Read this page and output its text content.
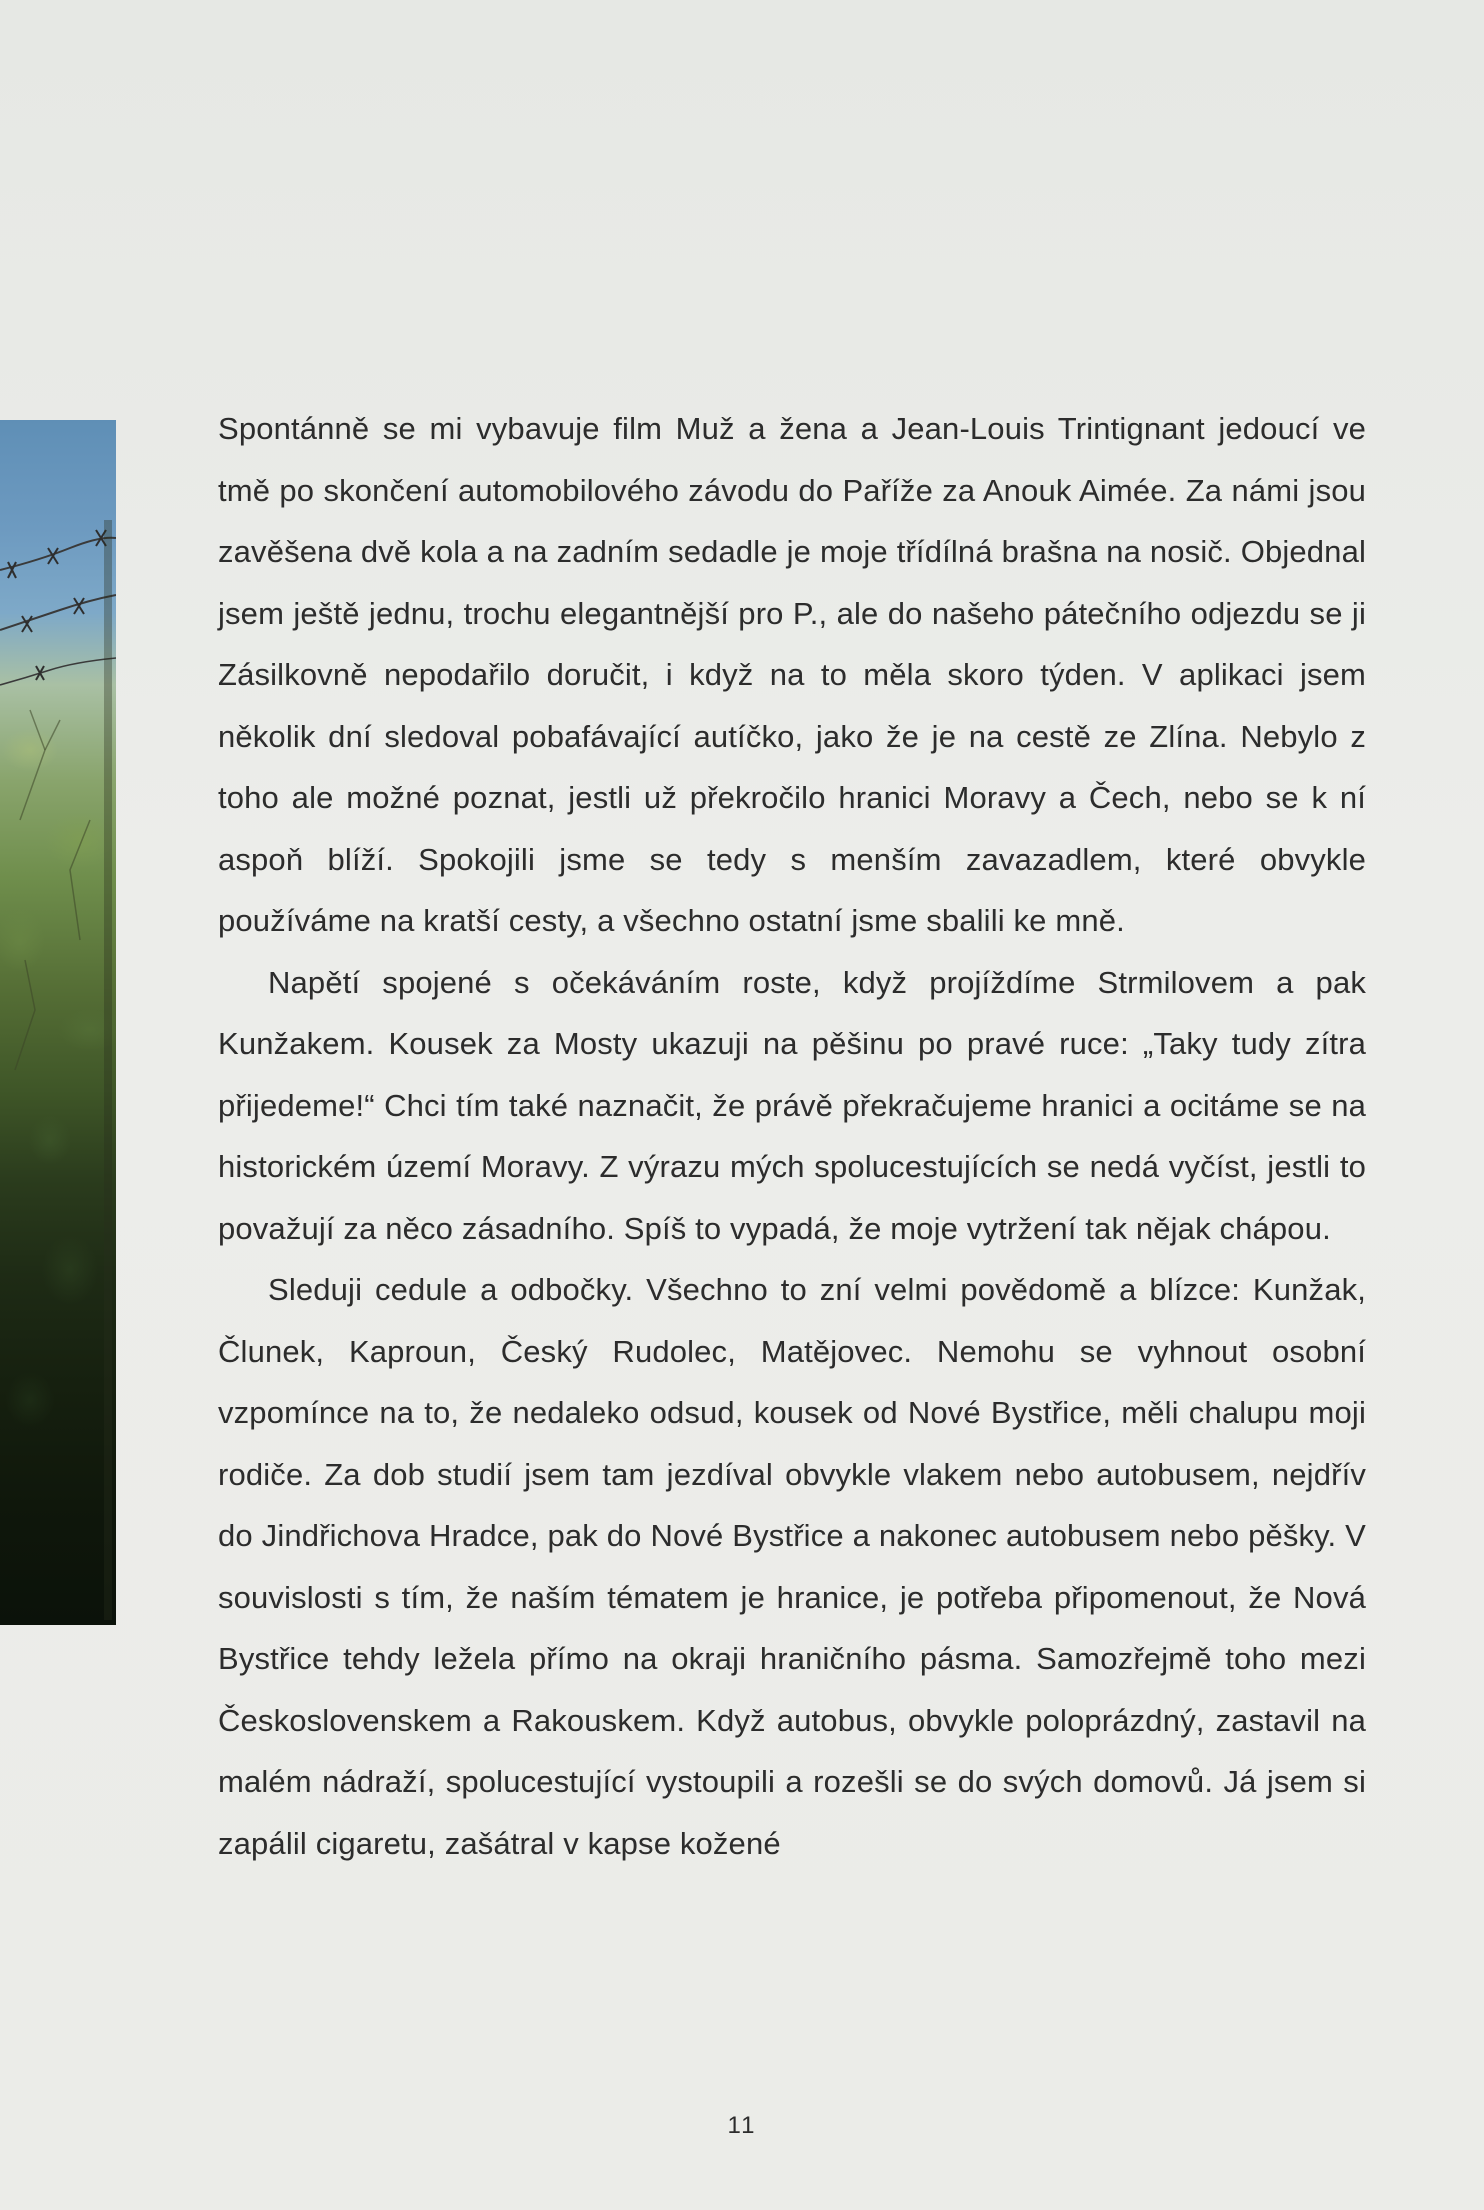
Spontánně se mi vybavuje film Muž a žena a Jean-Louis Trintignant jedoucí ve tmě po skončení automobilového závodu do Paříže za Anouk Aimée. Za námi jsou zavěšena dvě kola a na zadním sedadle je moje třídílná brašna na nosič. Objednal jsem ještě jednu, trochu elegantnější pro P., ale do našeho pátečního odjezdu se ji Zásilkovně nepodařilo doručit, i když na to měla skoro týden. V aplikaci jsem několik dní sledoval pobafávající autíčko, jako že je na cestě ze Zlína. Nebylo z toho ale možné poznat, jestli už překročilo hranici Moravy a Čech, nebo se k ní aspoň blíží. Spokojili jsme se tedy s menším zavazadlem, které obvykle používáme na kratší cesty, a všechno ostatní jsme sbalili ke mně.

Napětí spojené s očekáváním roste, když projíždíme Strmilovem a pak Kunžakem. Kousek za Mosty ukazuji na pěšinu po pravé ruce: „Taky tudy zítra přijedeme!“ Chci tím také naznačit, že právě překračujeme hranici a ocitáme se na historickém území Moravy. Z výrazu mých spolucestujících se nedá vyčíst, jestli to považují za něco zásadního. Spíš to vypadá, že moje vytržení tak nějak chápou.

Sleduji cedule a odbočky. Všechno to zní velmi povědomě a blízce: Kunžak, Člunek, Kaproun, Český Rudolec, Matějovec. Nemohu se vyhnout osobní vzpomínce na to, že nedaleko odsud, kousek od Nové Bystřice, měli chalupu moji rodiče. Za dob studií jsem tam jezdíval obvykle vlakem nebo autobusem, nejdřív do Jindřichova Hradce, pak do Nové Bystřice a nakonec autobusem nebo pěšky. V souvislosti s tím, že naším tématem je hranice, je potřeba připomenout, že Nová Bystřice tehdy ležela přímo na okraji hraničního pásma. Samozřejmě toho mezi Československem a Rakouskem. Když autobus, obvykle poloprázdný, zastavil na malém nádraží, spolucestující vystoupili a rozešli se do svých domovů. Já jsem si zapálil cigaretu, zašátral v kapse kožené

11
